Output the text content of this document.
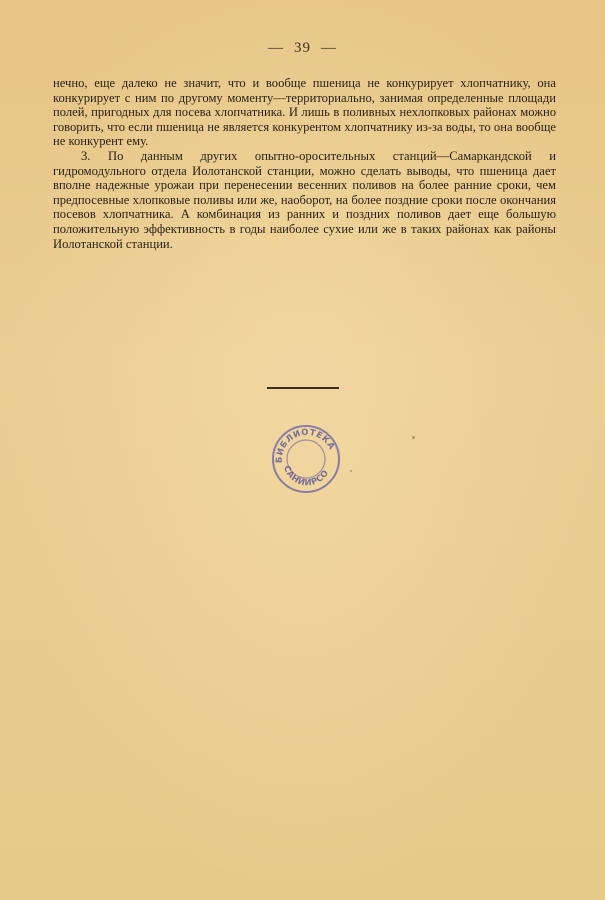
— 39 —

нечно, еще далеко не значит, что и вообще пшеница не конкурирует хлопчатнику, она конкурирует с ним по другому моменту—территориально, занимая определенные площади полей, пригодных для посева хлопчатника. И лишь в поливных нехлопковых районах можно говорить, что если пшеница не является конкурентом хлопчатнику из-за воды, то она вообще не конкурент ему.

3. По данным других опытно-оросительных станций—Самаркандской и гидромодульного отдела Иолотанской станции, можно сделать выводы, что пшеница дает вполне надежные урожаи при перенесении весенних поливов на более ранние сроки, чем предпосевные хлопковые поливы или же, наоборот, на более поздние сроки после окончания посевов хлопчатника. А комбинация из ранних и поздних поливов дает еще большую положительную эффективность в годы наиболее сухие или же в таких районах как районы Иолотанской станции.

БИБЛИОТЕКА
САНИИРСО
